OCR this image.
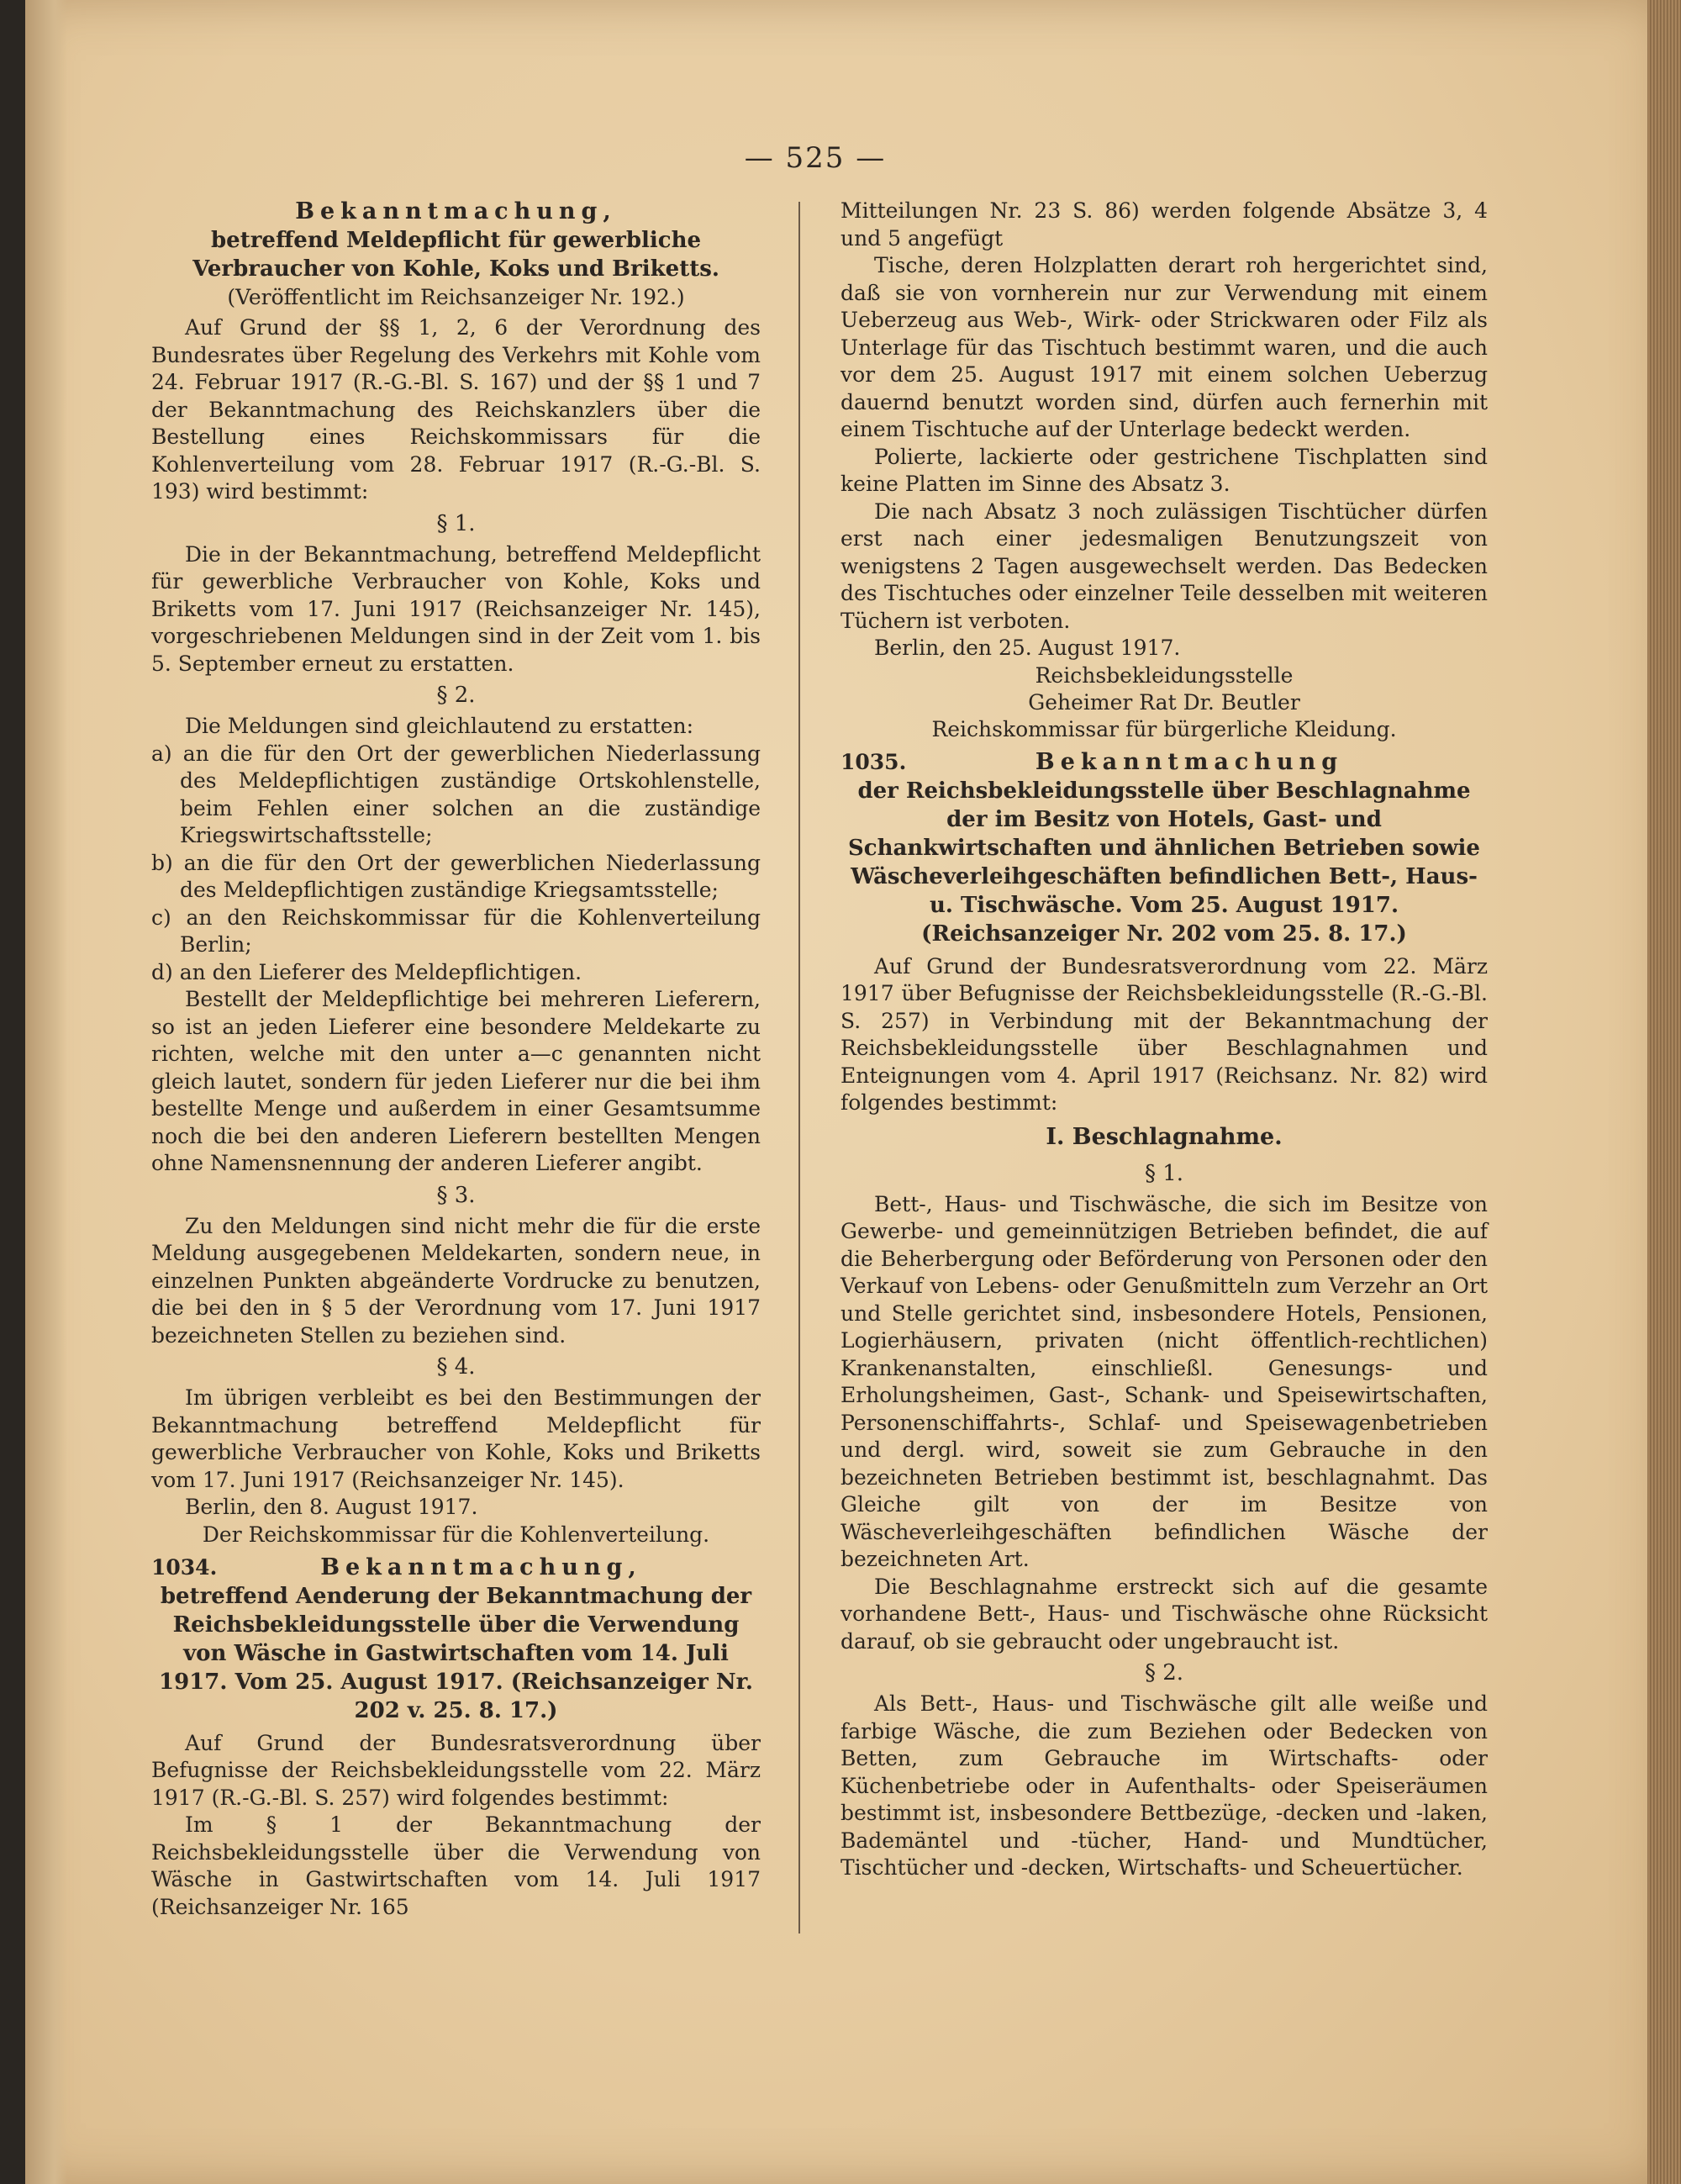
— 525 —

Bekanntmachung,

betreffend Meldepflicht für gewerbliche Verbraucher von Kohle, Koks und Briketts.

(Veröffentlicht im Reichsanzeiger Nr. 192.)

Auf Grund der §§ 1, 2, 6 der Verordnung des Bundesrates über Regelung des Verkehrs mit Kohle vom 24. Februar 1917 (R.-G.-Bl. S. 167) und der §§ 1 und 7 der Bekanntmachung des Reichskanzlers über die Bestellung eines Reichskommissars für die Kohlenverteilung vom 28. Februar 1917 (R.-G.-Bl. S. 193) wird bestimmt:

§ 1.

Die in der Bekanntmachung, betreffend Meldepflicht für gewerbliche Verbraucher von Kohle, Koks und Briketts vom 17. Juni 1917 (Reichsanzeiger Nr. 145), vorgeschriebenen Meldungen sind in der Zeit vom 1. bis 5. September erneut zu erstatten.

§ 2.

Die Meldungen sind gleichlautend zu erstatten:

a) an die für den Ort der gewerblichen Niederlassung des Meldepflichtigen zuständige Ortskohlenstelle, beim Fehlen einer solchen an die zuständige Kriegswirtschaftsstelle;

b) an die für den Ort der gewerblichen Niederlassung des Meldepflichtigen zuständige Kriegsamtsstelle;

c) an den Reichskommissar für die Kohlenverteilung Berlin;

d) an den Lieferer des Meldepflichtigen.

Bestellt der Meldepflichtige bei mehreren Lieferern, so ist an jeden Lieferer eine besondere Meldekarte zu richten, welche mit den unter a—c genannten nicht gleich lautet, sondern für jeden Lieferer nur die bei ihm bestellte Menge und außerdem in einer Gesamtsumme noch die bei den anderen Lieferern bestellten Mengen ohne Namensnennung der anderen Lieferer angibt.

§ 3.

Zu den Meldungen sind nicht mehr die für die erste Meldung ausgegebenen Meldekarten, sondern neue, in einzelnen Punkten abgeänderte Vordrucke zu benutzen, die bei den in § 5 der Verordnung vom 17. Juni 1917 bezeichneten Stellen zu beziehen sind.

§ 4.

Im übrigen verbleibt es bei den Bestimmungen der Bekanntmachung betreffend Meldepflicht für gewerbliche Verbraucher von Kohle, Koks und Briketts vom 17. Juni 1917 (Reichsanzeiger Nr. 145).

Berlin, den 8. August 1917.

Der Reichskommissar für die Kohlenverteilung.

1034.	Bekanntmachung,

betreffend Aenderung der Bekanntmachung der Reichsbekleidungsstelle über die Verwendung von Wäsche in Gastwirtschaften vom 14. Juli 1917. Vom 25. August 1917. (Reichsanzeiger Nr. 202 v. 25. 8. 17.)

Auf Grund der Bundesratsverordnung über Befugnisse der Reichsbekleidungsstelle vom 22. März 1917 (R.-G.-Bl. S. 257) wird folgendes bestimmt:

Im § 1 der Bekanntmachung der Reichsbekleidungsstelle über die Verwendung von Wäsche in Gastwirtschaften vom 14. Juli 1917 (Reichsanzeiger Nr. 165

Mitteilungen Nr. 23 S. 86) werden folgende Absätze 3, 4 und 5 angefügt

Tische, deren Holzplatten derart roh hergerichtet sind, daß sie von vornherein nur zur Verwendung mit einem Ueberzeug aus Web-, Wirk- oder Strickwaren oder Filz als Unterlage für das Tischtuch bestimmt waren, und die auch vor dem 25. August 1917 mit einem solchen Ueberzug dauernd benutzt worden sind, dürfen auch fernerhin mit einem Tischtuche auf der Unterlage bedeckt werden.

Polierte, lackierte oder gestrichene Tischplatten sind keine Platten im Sinne des Absatz 3.

Die nach Absatz 3 noch zulässigen Tischtücher dürfen erst nach einer jedesmaligen Benutzungszeit von wenigstens 2 Tagen ausgewechselt werden. Das Bedecken des Tischtuches oder einzelner Teile desselben mit weiteren Tüchern ist verboten.

Berlin, den 25. August 1917.

Reichsbekleidungsstelle

Geheimer Rat Dr. Beutler

Reichskommissar für bürgerliche Kleidung.

1035.	Bekanntmachung

der Reichsbekleidungsstelle über Beschlagnahme der im Besitz von Hotels, Gast- und Schankwirtschaften und ähnlichen Betrieben sowie Wäscheverleihgeschäften befindlichen Bett-, Haus- u. Tischwäsche. Vom 25. August 1917. (Reichsanzeiger Nr. 202 vom 25. 8. 17.)

Auf Grund der Bundesratsverordnung vom 22. März 1917 über Befugnisse der Reichsbekleidungsstelle (R.-G.-Bl. S. 257) in Verbindung mit der Bekanntmachung der Reichsbekleidungsstelle über Beschlagnahmen und Enteignungen vom 4. April 1917 (Reichsanz. Nr. 82) wird folgendes bestimmt:

I. Beschlagnahme.

§ 1.

Bett-, Haus- und Tischwäsche, die sich im Besitze von Gewerbe- und gemeinnützigen Betrieben befindet, die auf die Beherbergung oder Beförderung von Personen oder den Verkauf von Lebens- oder Genußmitteln zum Verzehr an Ort und Stelle gerichtet sind, insbesondere Hotels, Pensionen, Logierhäusern, privaten (nicht öffentlich-rechtlichen) Krankenanstalten, einschließl. Genesungs- und Erholungsheimen, Gast-, Schank- und Speisewirtschaften, Personenschiffahrts-, Schlaf- und Speisewagenbetrieben und dergl. wird, soweit sie zum Gebrauche in den bezeichneten Betrieben bestimmt ist, beschlagnahmt. Das Gleiche gilt von der im Besitze von Wäscheverleihgeschäften befindlichen Wäsche der bezeichneten Art.

Die Beschlagnahme erstreckt sich auf die gesamte vorhandene Bett-, Haus- und Tischwäsche ohne Rücksicht darauf, ob sie gebraucht oder ungebraucht ist.

§ 2.

Als Bett-, Haus- und Tischwäsche gilt alle weiße und farbige Wäsche, die zum Beziehen oder Bedecken von Betten, zum Gebrauche im Wirtschafts- oder Küchenbetriebe oder in Aufenthalts- oder Speiseräumen bestimmt ist, insbesondere Bettbezüge, -decken und -laken, Bademäntel und -tücher, Hand- und Mundtücher, Tischtücher und -decken, Wirtschafts- und Scheuertücher.
